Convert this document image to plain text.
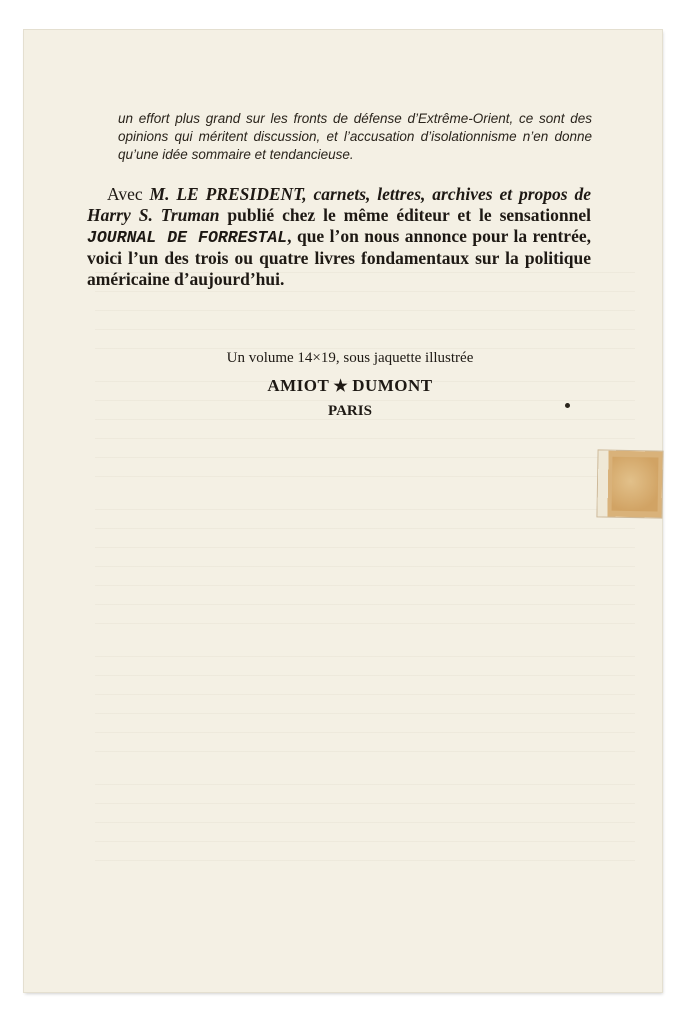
un effort plus grand sur les fronts de défense d’Extrême-Orient, ce sont des opinions qui méritent discussion, et l’accusation d’isolationnisme n’en donne qu’une idée sommaire et tendancieuse.

Avec M. LE PRESIDENT, carnets, lettres, archives et propos de Harry S. Truman publié chez le même éditeur et le sensationnel JOURNAL DE FORRESTAL, que l’on nous annonce pour la rentrée, voici l’un des trois ou quatre livres fondamentaux sur la politique américaine d’aujourd’hui.

Un volume 14×19, sous jaquette illustrée
AMIOT ★ DUMONT
PARIS
